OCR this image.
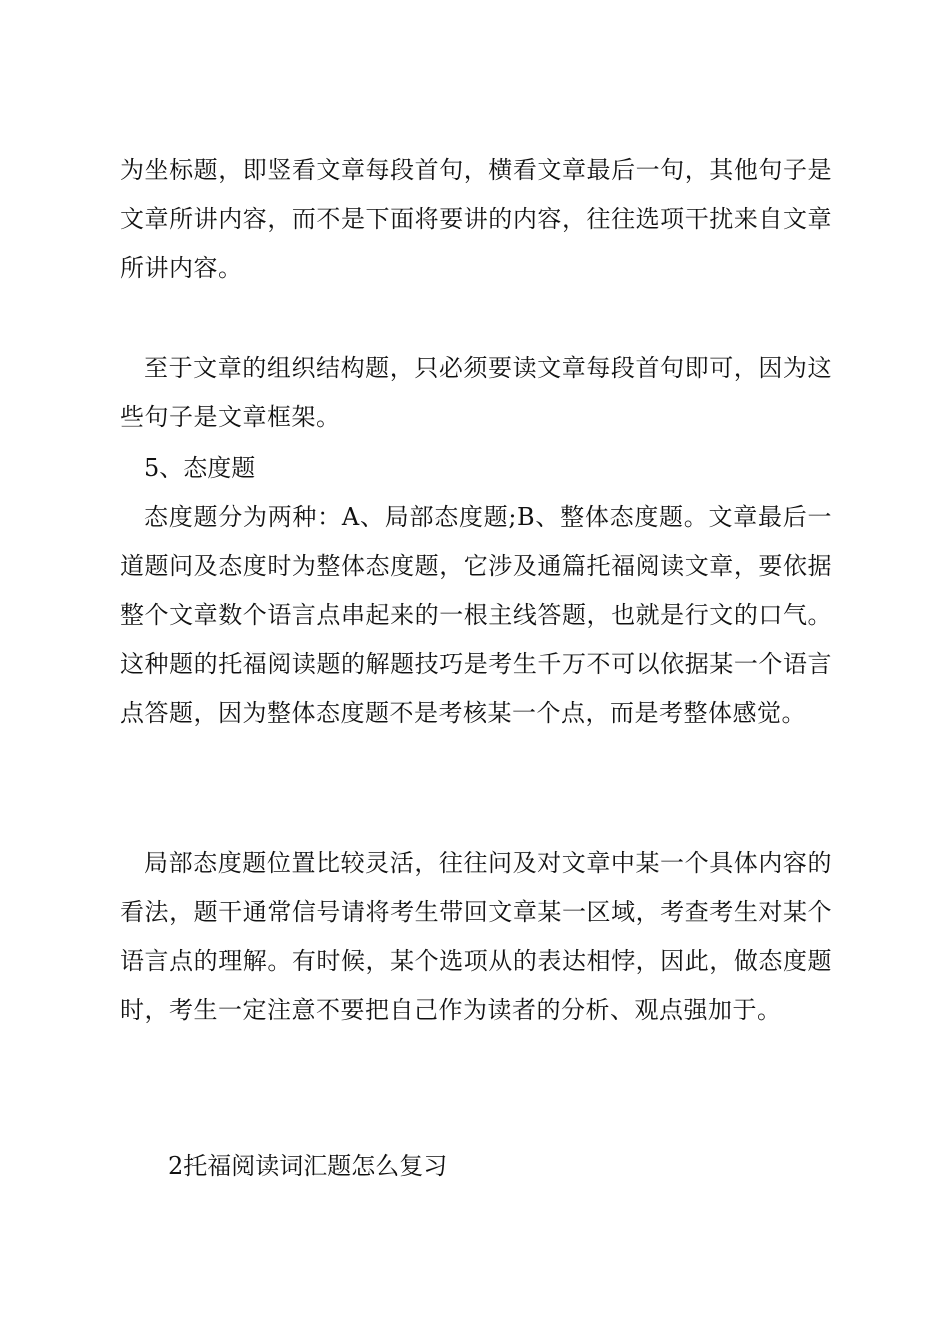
为坐标题，即竖看文章每段首句，横看文章最后一句，其他句子是文章所讲内容，而不是下面将要讲的内容，往往选项干扰来自文章所讲内容。

至于文章的组织结构题，只必须要读文章每段首句即可，因为这些句子是文章框架。

5、态度题

态度题分为两种：A、局部态度题;B、整体态度题。文章最后一道题问及态度时为整体态度题，它涉及通篇托福阅读文章，要依据整个文章数个语言点串起来的一根主线答题，也就是行文的口气。这种题的托福阅读题的解题技巧是考生千万不可以依据某一个语言点答题，因为整体态度题不是考核某一个点，而是考整体感觉。

局部态度题位置比较灵活，往往问及对文章中某一个具体内容的看法，题干通常信号请将考生带回文章某一区域，考查考生对某个语言点的理解。有时候，某个选项从的表达相悖，因此，做态度题时，考生一定注意不要把自己作为读者的分析、观点强加于。

2托福阅读词汇题怎么复习
